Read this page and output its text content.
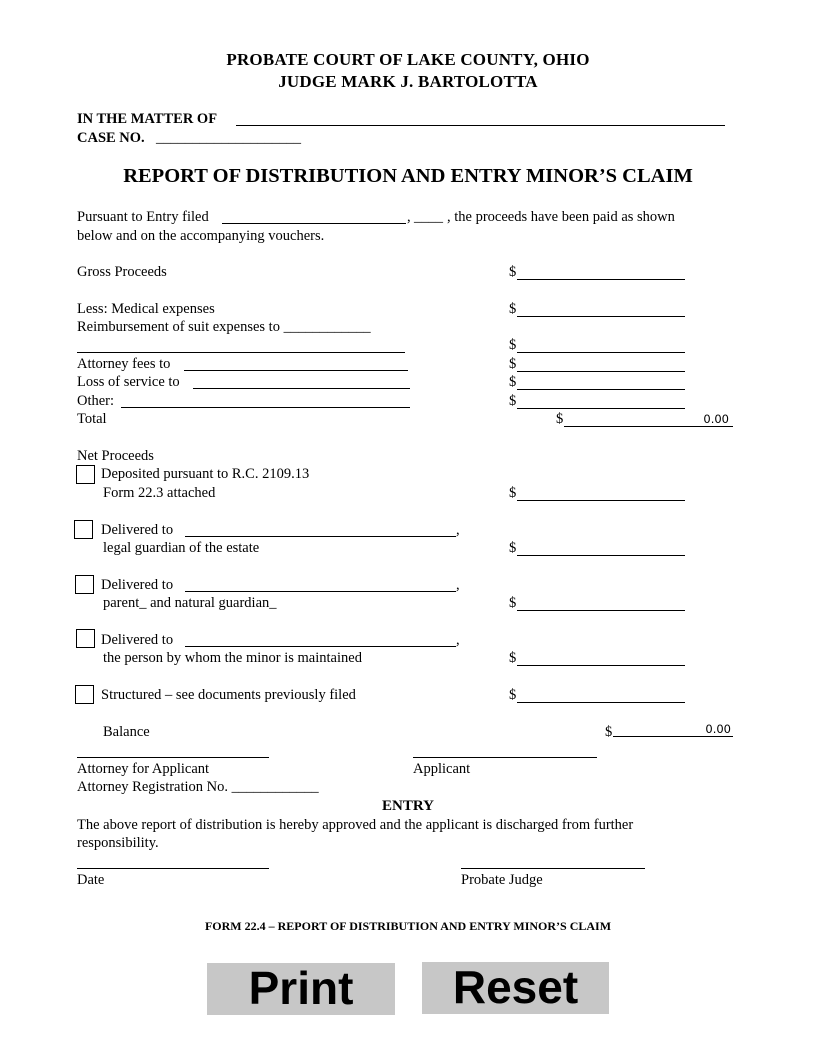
PROBATE COURT OF LAKE COUNTY, OHIO
JUDGE MARK J. BARTOLOTTA
IN THE MATTER OF
CASE NO. ____________________
REPORT OF DISTRIBUTION AND ENTRY MINOR’S CLAIM
Pursuant to Entry filed	, ____ , the proceeds have been paid as shown
below and on the accompanying vouchers.
Gross Proceeds	$
Less: Medical expenses	$
Reimbursement of suit expenses to ____________
$
Attorney fees to	$
Loss of service to	$
Other:	$
Total	$	0.00
Net Proceeds
Deposited pursuant to R.C. 2109.13
Form 22.3 attached	$
Delivered to	,
legal guardian of the estate	$
Delivered to	,
parent_ and natural guardian_	$
Delivered to	,
the person by whom the minor is maintained	$
Structured – see documents previously filed	$
Balance	$	0.00
Attorney for Applicant	Applicant
Attorney Registration No. ____________
ENTRY
The above report of distribution is hereby approved and the applicant is discharged from further
responsibility.
Date	Probate Judge
FORM 22.4 – REPORT OF DISTRIBUTION AND ENTRY MINOR’S CLAIM
Print	Reset
